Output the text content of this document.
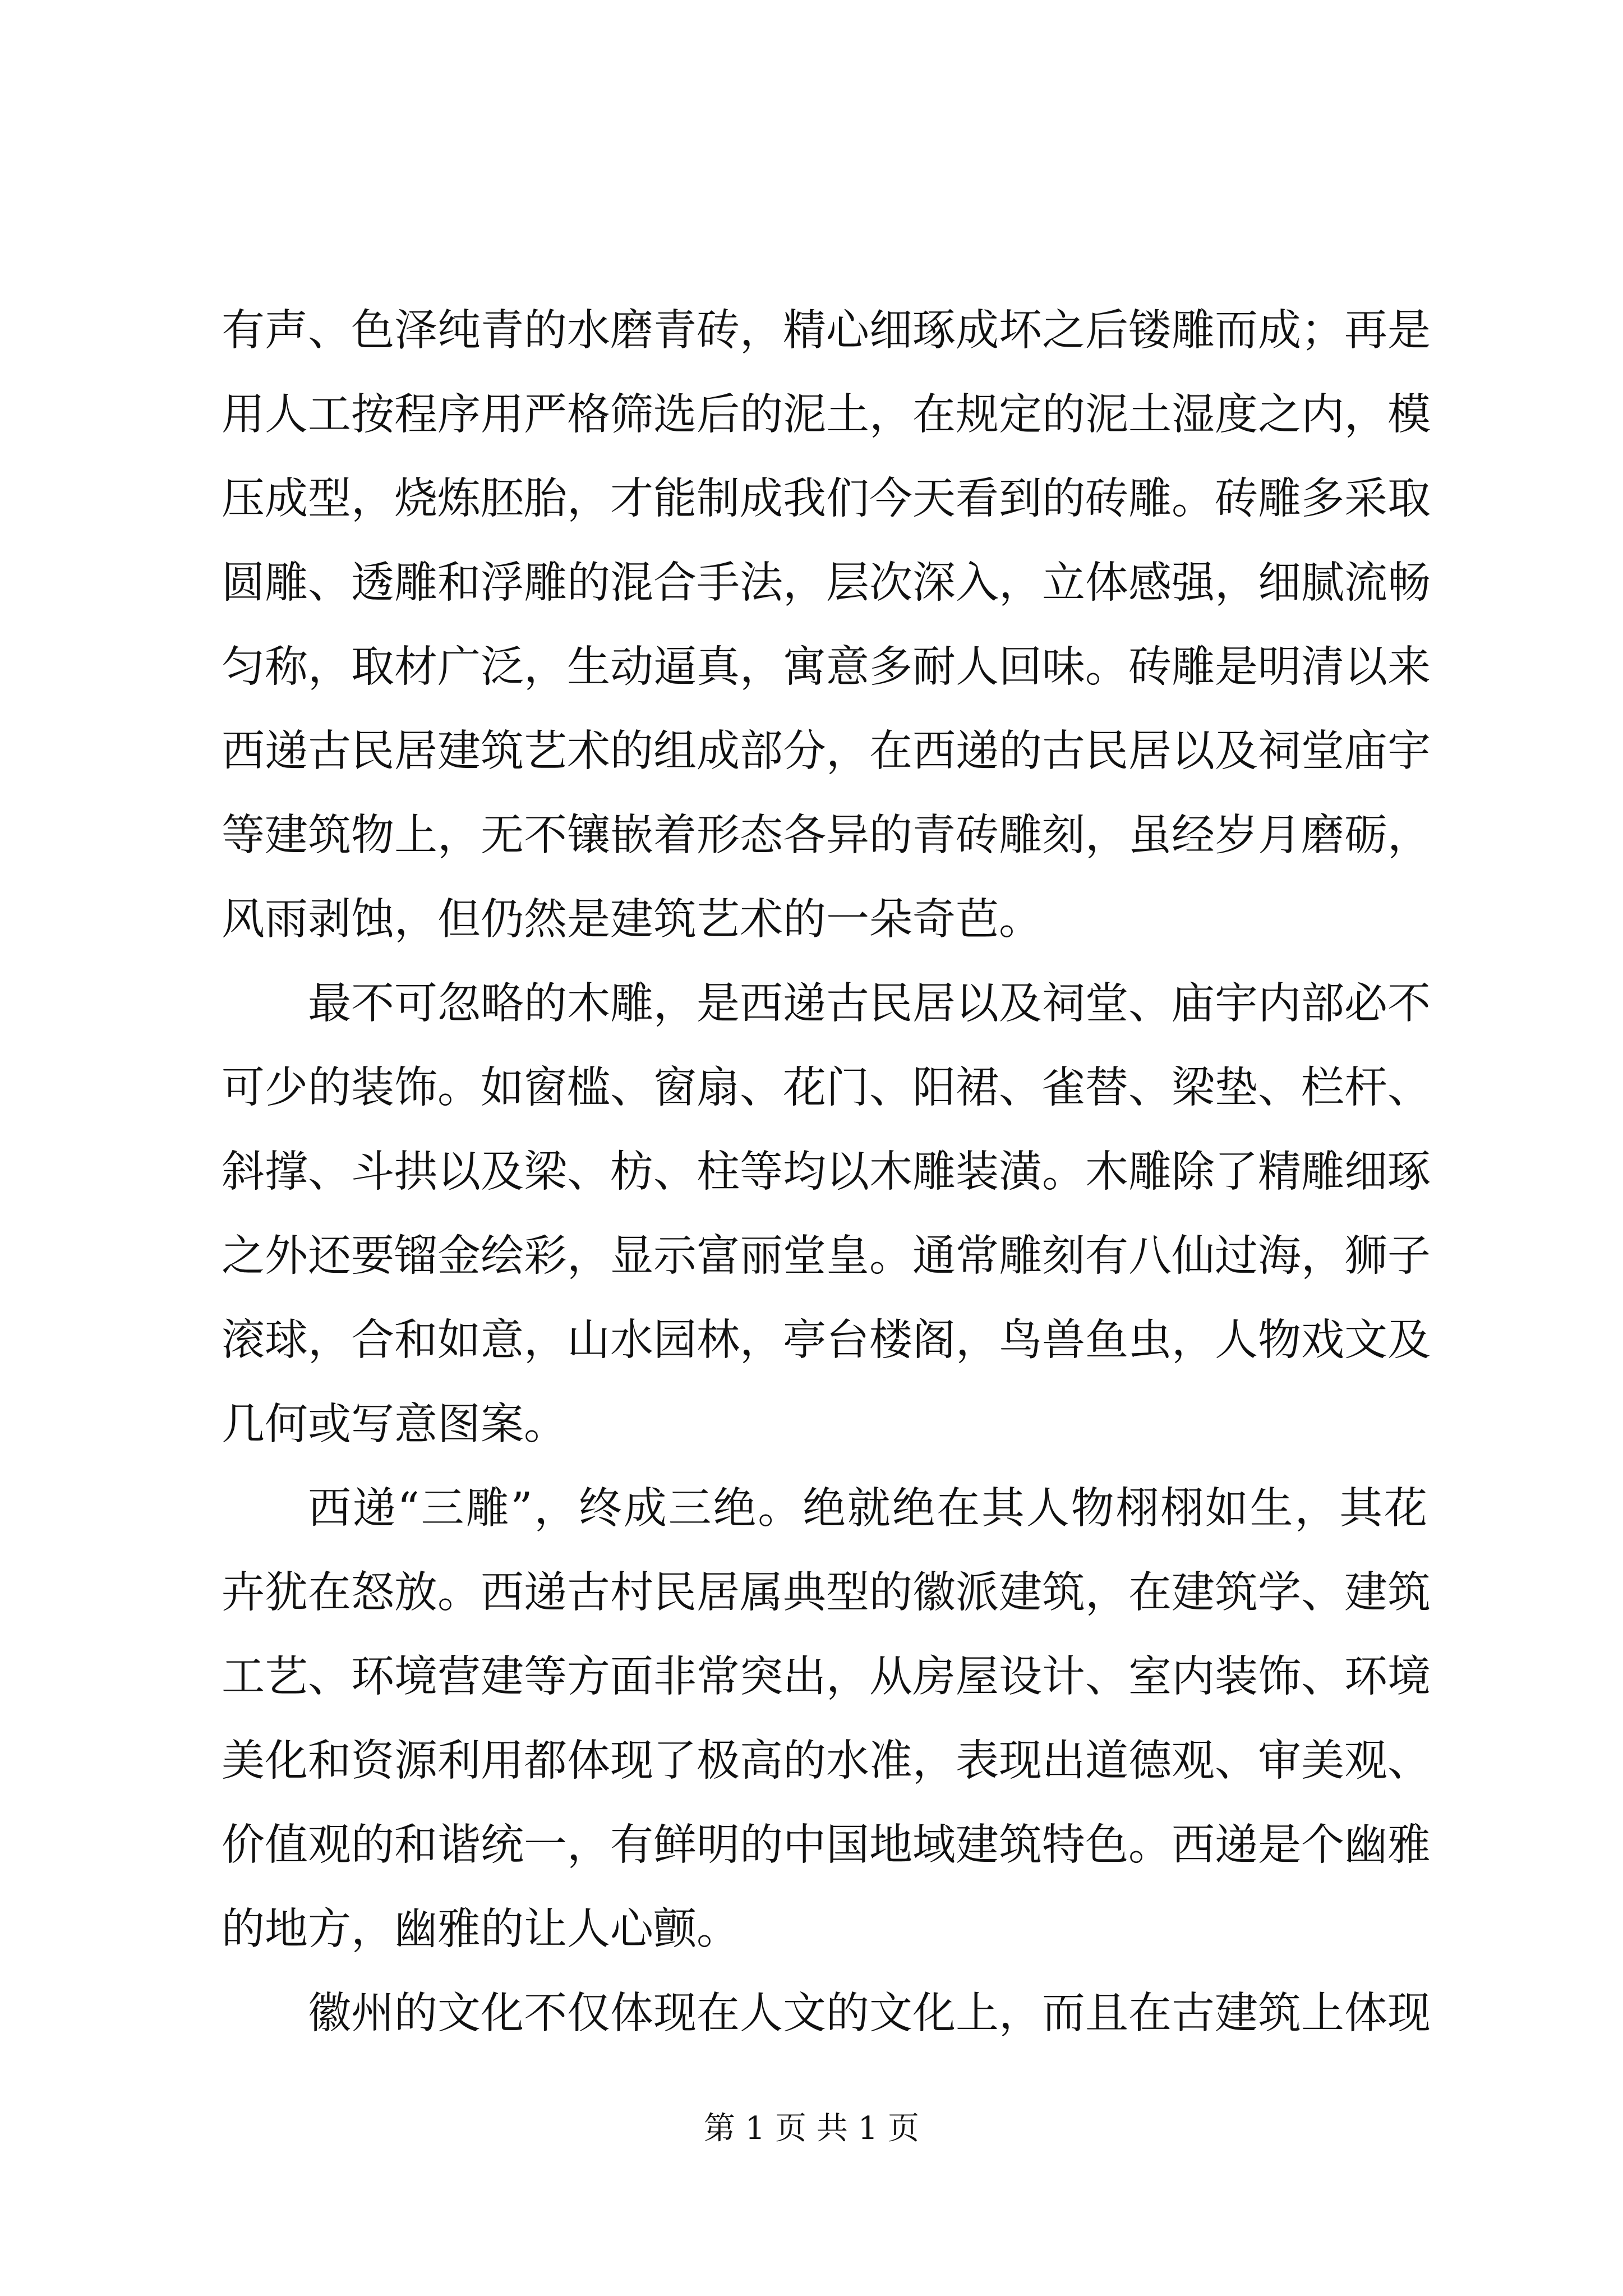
有声、色泽纯青的水磨青砖，精心细琢成坏之后镂雕而成；再是
用人工按程序用严格筛选后的泥土，在规定的泥土湿度之内，模
压成型，烧炼胚胎，才能制成我们今天看到的砖雕。砖雕多采取
圆雕、透雕和浮雕的混合手法，层次深入，立体感强，细腻流畅
匀称，取材广泛，生动逼真，寓意多耐人回味。砖雕是明清以来
西递古民居建筑艺术的组成部分，在西递的古民居以及祠堂庙宇
等建筑物上，无不镶嵌着形态各异的青砖雕刻，虽经岁月磨砺，
风雨剥蚀，但仍然是建筑艺术的一朵奇芭。
最不可忽略的木雕，是西递古民居以及祠堂、庙宇内部必不
可少的装饰。如窗槛、窗扇、花门、阳裙、雀替、梁垫、栏杆、
斜撑、斗拱以及梁、枋、柱等均以木雕装潢。木雕除了精雕细琢
之外还要镏金绘彩，显示富丽堂皇。通常雕刻有八仙过海，狮子
滚球，合和如意，山水园林，亭台楼阁，鸟兽鱼虫，人物戏文及
几何或写意图案。
西递“三雕”，终成三绝。绝就绝在其人物栩栩如生，其花
卉犹在怒放。西递古村民居属典型的徽派建筑，在建筑学、建筑
工艺、环境营建等方面非常突出，从房屋设计、室内装饰、环境
美化和资源利用都体现了极高的水准，表现出道德观、审美观、
价值观的和谐统一，有鲜明的中国地域建筑特色。西递是个幽雅
的地方，幽雅的让人心颤。
徽州的文化不仅体现在人文的文化上，而且在古建筑上体现
第 1 页 共 1 页
